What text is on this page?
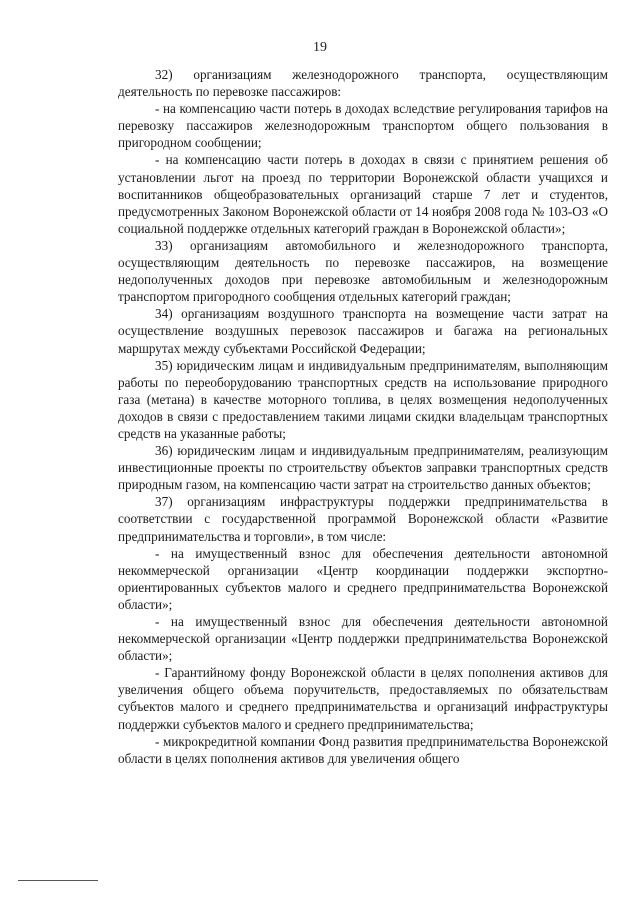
19

32) организациям железнодорожного транспорта, осуществляющим деятельность по перевозке пассажиров:

- на компенсацию части потерь в доходах вследствие регулирования тарифов на перевозку пассажиров железнодорожным транспортом общего пользования в пригородном сообщении;

- на компенсацию части потерь в доходах в связи с принятием решения об установлении льгот на проезд по территории Воронежской области учащихся и воспитанников общеобразовательных организаций старше 7 лет и студентов, предусмотренных Законом Воронежской области от 14 ноября 2008 года № 103-ОЗ «О социальной поддержке отдельных категорий граждан в Воронежской области»;

33) организациям автомобильного и железнодорожного транспорта, осуществляющим деятельность по перевозке пассажиров, на возмещение недополученных доходов при перевозке автомобильным и железнодорожным транспортом пригородного сообщения отдельных категорий граждан;

34) организациям воздушного транспорта на возмещение части затрат на осуществление воздушных перевозок пассажиров и багажа на региональных маршрутах между субъектами Российской Федерации;

35) юридическим лицам и индивидуальным предпринимателям, выполняющим работы по переоборудованию транспортных средств на использование природного газа (метана) в качестве моторного топлива, в целях возмещения недополученных доходов в связи с предоставлением такими лицами скидки владельцам транспортных средств на указанные работы;

36) юридическим лицам и индивидуальным предпринимателям, реализующим инвестиционные проекты по строительству объектов заправки транспортных средств природным газом, на компенсацию части затрат на строительство данных объектов;

37) организациям инфраструктуры поддержки предпринимательства в соответствии с государственной программой Воронежской области «Развитие предпринимательства и торговли», в том числе:

- на имущественный взнос для обеспечения деятельности автономной некоммерческой организации «Центр координации поддержки экспортно-ориентированных субъектов малого и среднего предпринимательства Воронежской области»;

- на имущественный взнос для обеспечения деятельности автономной некоммерческой организации «Центр поддержки предпринимательства Воронежской области»;

- Гарантийному фонду Воронежской области в целях пополнения активов для увеличения общего объема поручительств, предоставляемых по обязательствам субъектов малого и среднего предпринимательства и организаций инфраструктуры поддержки субъектов малого и среднего предпринимательства;

- микрокредитной компании Фонд развития предпринимательства Воронежской области в целях пополнения активов для увеличения общего
